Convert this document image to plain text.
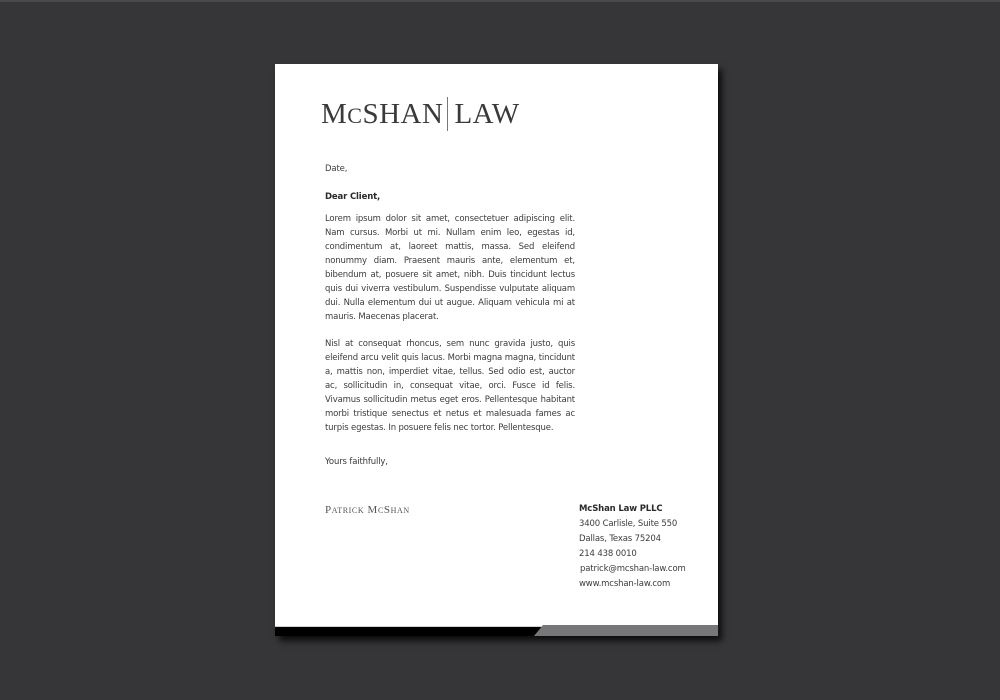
MCSHAN LAW
Date,
Dear Client,
Lorem ipsum dolor sit amet, consectetuer adipiscing elit. Nam cursus. Morbi ut mi. Nullam enim leo, egestas id, condimentum at, laoreet mattis, massa. Sed eleifend nonummy diam. Praesent mauris ante, elementum et, bibendum at, posuere sit amet, nibh. Duis tincidunt lectus quis dui viverra vestibulum. Suspendisse vulputate aliquam dui. Nulla elementum dui ut augue. Aliquam vehicula mi at mauris. Maecenas placerat.
Nisl at consequat rhoncus, sem nunc gravida justo, quis eleifend arcu velit quis lacus. Morbi magna magna, tincidunt a, mattis non, imperdiet vitae, tellus. Sed odio est, auctor ac, sollicitudin in, consequat vitae, orci. Fusce id felis. Vivamus sollicitudin metus eget eros. Pellentesque habitant morbi tristique senectus et netus et malesuada fames ac turpis egestas. In posuere felis nec tortor. Pellentesque.
Yours faithfully,
Patrick McShan	McShan Law PLLC
3400 Carlisle, Suite 550
Dallas, Texas 75204
214 438 0010
patrick@mcshan-law.com
www.mcshan-law.com
